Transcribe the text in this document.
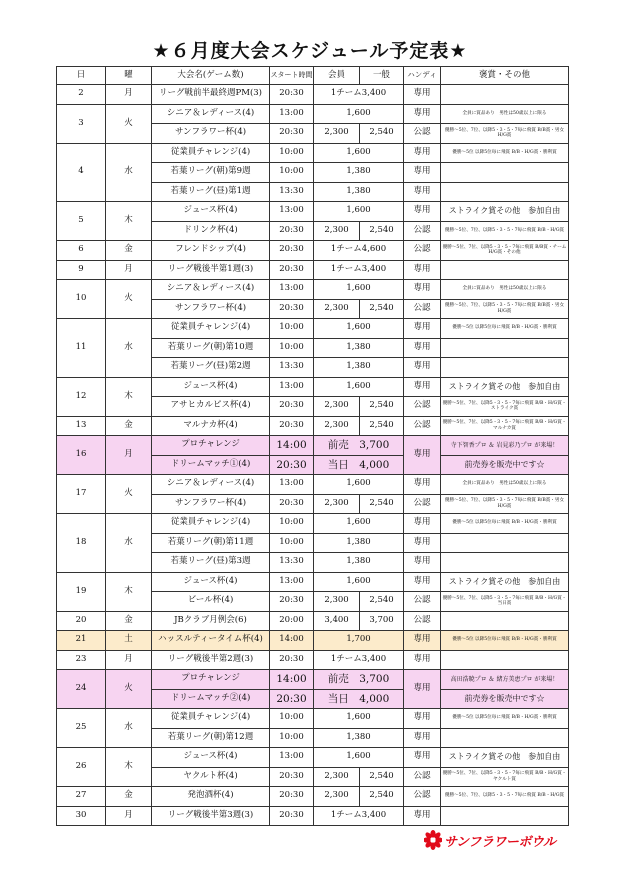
★６月度大会スケジュール予定表★
日	曜	大会名(ゲーム数)	スタート時間	会員	一般	ハンディ	褒賞・その他
2	月	リーグ戦前半最終週PM(3)	20:30	1チーム3,400		専用	
3	火	シニア＆レディース(4)	13:00	1,600		専用	全員に賞品あり　男性は50歳以上に限る
		サンフラワー杯(4)	20:30	2,300	2,540	公認	優勝～5位、7位、以降5・3・5・7毎に飛賞 B/B賞・男女H/G賞
4	水	従業員チャレンジ(4)	10:00	1,600		専用	優勝～5位 以降5位毎に飛賞 B/B・H/G賞・勝利賞
		若葉リーグ(朝)第9週	10:00	1,380		専用	
		若葉リーグ(昼)第1週	13:30	1,380		専用	
5	木	ジュース杯(4)	13:00	1,600		専用	ストライク賞その他　参加自由
		ドリンク杯(4)	20:30	2,300	2,540	公認	優勝～5位、7位、以降5・3・5・7毎に飛賞 B/B・H/G賞
6	金	フレンドシップ(4)	20:30	1チーム4,600		公認	優勝～5位、7位、以降5・3・5・7毎に飛賞 B/B賞・チームH/G賞・その他
9	月	リーグ戦後半第1週(3)	20:30	1チーム3,400		専用	
10	火	シニア＆レディース(4)	13:00	1,600		専用	全員に賞品あり　男性は50歳以上に限る
		サンフラワー杯(4)	20:30	2,300	2,540	公認	優勝～5位、7位、以降5・3・5・7毎に飛賞 B/B賞・男女H/G賞
11	水	従業員チャレンジ(4)	10:00	1,600		専用	優勝～5位 以降5位毎に飛賞 B/B・H/G賞・勝利賞
		若葉リーグ(朝)第10週	10:00	1,380		専用	
		若葉リーグ(昼)第2週	13:30	1,380		専用	
12	木	ジュース杯(4)	13:00	1,600		専用	ストライク賞その他　参加自由
		アサヒカルピス杯(4)	20:30	2,300	2,540	公認	優勝～5位、7位、以降5・3・5・7毎に飛賞 B/B・H/G賞・ストライク賞
13	金	マルナカ杯(4)	20:30	2,300	2,540	公認	優勝～5位、7位、以降5・3・5・7毎に飛賞 B/B・H/G賞・マルナカ賞
16	月	プロチャレンジ	14:00	前売　3,700		専用	寺下智香プロ ＆ 岩見彩乃プロ が来場！
		ドリームマッチ①(4)	20:30	当日　4,000			前売券を販売中です☆
17	火	シニア＆レディース(4)	13:00	1,600		専用	全員に賞品あり　男性は50歳以上に限る
		サンフラワー杯(4)	20:30	2,300	2,540	公認	優勝～5位、7位、以降5・3・5・7毎に飛賞 B/B賞・男女H/G賞
18	水	従業員チャレンジ(4)	10:00	1,600		専用	優勝～5位 以降5位毎に飛賞 B/B・H/G賞・勝利賞
		若葉リーグ(朝)第11週	10:00	1,380		専用	
		若葉リーグ(昼)第3週	13:30	1,380		専用	
19	木	ジュース杯(4)	13:00	1,600		専用	ストライク賞その他　参加自由
		ビール杯(4)	20:30	2,300	2,540	公認	優勝～5位、7位、以降5・3・5・7毎に飛賞 B/B・H/G賞・当日賞
20	金	JBクラブ月例会(6)	20:00	3,400	3,700	公認	
21	土	ハッスルティータイム杯(4)	14:00	1,700		専用	優勝～5位 以降5位毎に飛賞 B/B・H/G賞・勝利賞
23	月	リーグ戦後半第2週(3)	20:30	1チーム3,400		専用	
24	火	プロチャレンジ	14:00	前売　3,700		専用	高田浩暁プロ ＆ 緒方美恵プロ が来場！
		ドリームマッチ②(4)	20:30	当日　4,000			前売券を販売中です☆
25	水	従業員チャレンジ(4)	10:00	1,600		専用	優勝～5位 以降5位毎に飛賞 B/B・H/G賞・勝利賞
		若葉リーグ(朝)第12週	10:00	1,380		専用	
26	木	ジュース杯(4)	13:00	1,600		専用	ストライク賞その他　参加自由
		ヤクルト杯(4)	20:30	2,300	2,540	公認	優勝～5位、7位、以降5・3・5・7毎に飛賞 B/B・H/G賞・ヤクルト賞
27	金	発泡酒杯(4)	20:30	2,300	2,540	公認	優勝～5位、7位、以降5・3・5・7毎に飛賞 B/B・H/G賞
30	月	リーグ戦後半第3週(3)	20:30	1チーム3,400		専用	
サンフラワーボウル
